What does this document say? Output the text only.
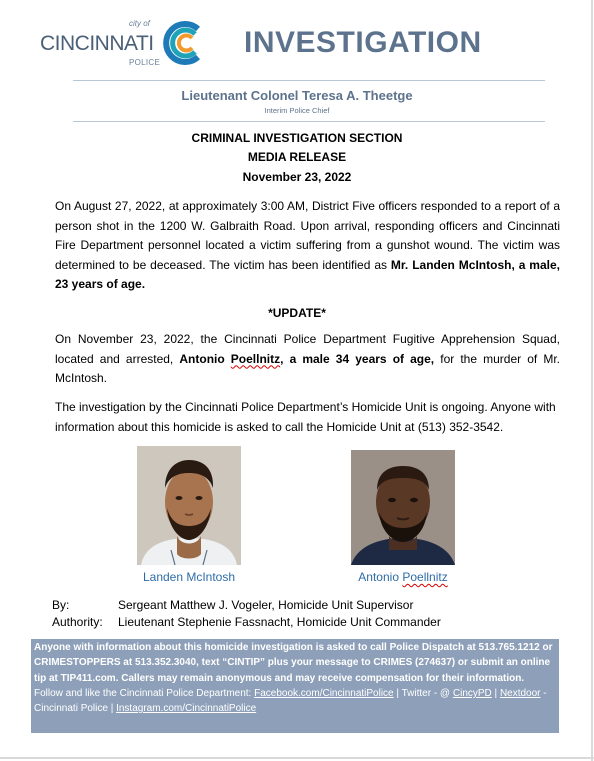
city of
CINCINNATI
POLICE
INVESTIGATION
Lieutenant Colonel Teresa A. Theetge
Interim Police Chief
CRIMINAL INVESTIGATION SECTION
MEDIA RELEASE
November 23, 2022
On August 27, 2022, at approximately 3:00 AM, District Five officers responded to a report of a person shot in the 1200 W. Galbraith Road. Upon arrival, responding officers and Cincinnati Fire Department personnel located a victim suffering from a gunshot wound. The victim was determined to be deceased. The victim has been identified as Mr. Landen McIntosh, a male, 23 years of age.
*UPDATE*
On November 23, 2022, the Cincinnati Police Department Fugitive Apprehension Squad, located and arrested, Antonio Poellnitz, a male 34 years of age, for the murder of Mr. McIntosh.
The investigation by the Cincinnati Police Department’s Homicide Unit is ongoing. Anyone with information about this homicide is asked to call the Homicide Unit at (513) 352-3542.
Landen McIntosh	Antonio Poellnitz
By:	Sergeant Matthew J. Vogeler, Homicide Unit Supervisor
Authority: Lieutenant Stephenie Fassnacht, Homicide Unit Commander
Anyone with information about this homicide investigation is asked to call Police Dispatch at 513.765.1212 or CRIMESTOPPERS at 513.352.3040, text “CINTIP” plus your message to CRIMES (274637) or submit an online tip at TIP411.com. Callers may remain anonymous and may receive compensation for their information.
Follow and like the Cincinnati Police Department: Facebook.com/CincinnatiPolice | Twitter - @ CincyPD | Nextdoor - Cincinnati Police | Instagram.com/CincinnatiPolice
